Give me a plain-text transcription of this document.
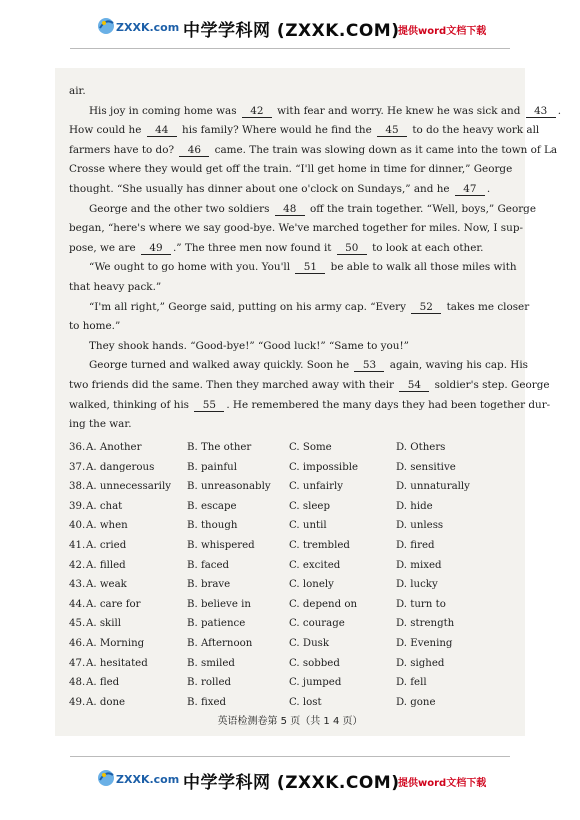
ZXXK.com 中学学科网 (ZXXK.COM)
提供word文档下载
air.
His joy in coming home was 42 with fear and worry. He knew he was sick and 43 .
How could he 44 his family? Where would he find the 45 to do the heavy work all
farmers have to do? 46 came. The train was slowing down as it came into the town of La
Crosse where they would get off the train. “I'll get home in time for dinner,” George
thought. “She usually has dinner about one o'clock on Sundays,” and he 47 .
George and the other two soldiers 48 off the train together. “Well, boys,” George
began, “here's where we say good-bye. We've marched together for miles. Now, I sup-
pose, we are 49 .” The three men now found it 50 to look at each other.
“We ought to go home with you. You'll 51 be able to walk all those miles with
that heavy pack.”
“I'm all right,” George said, putting on his army cap. “Every 52 takes me closer
to home.”
They shook hands. “Good-bye!” “Good luck!” “Same to you!”
George turned and walked away quickly. Soon he 53 again, waving his cap. His
two friends did the same. Then they marched away with their 54 soldier's step. George
walked, thinking of his 55 . He remembered the many days they had been together dur-
ing the war.
36. A. Another	B. The other	C. Some	D. Others
37. A. dangerous	B. painful	C. impossible	D. sensitive
38. A. unnecessarily B. unreasonably C. unfairly	D. unnaturally
39. A. chat	B. escape	C. sleep	D. hide
40. A. when	B. though	C. until	D. unless
41. A. cried	B. whispered	C. trembled	D. fired
42. A. filled	B. faced	C. excited	D. mixed
43. A. weak	B. brave	C. lonely	D. lucky
44. A. care for	B. believe in	C. depend on	D. turn to
45. A. skill	B. patience	C. courage	D. strength
46. A. Morning	B. Afternoon	C. Dusk	D. Evening
47. A. hesitated	B. smiled	C. sobbed	D. sighed
48. A. fled	B. rolled	C. jumped	D. fell
49. A. done	B. fixed	C. lost	D. gone
英语检测卷第 5 页（共 1 4 页）
ZXXK.com 中学学科网 (ZXXK.COM)
提供word文档下载
